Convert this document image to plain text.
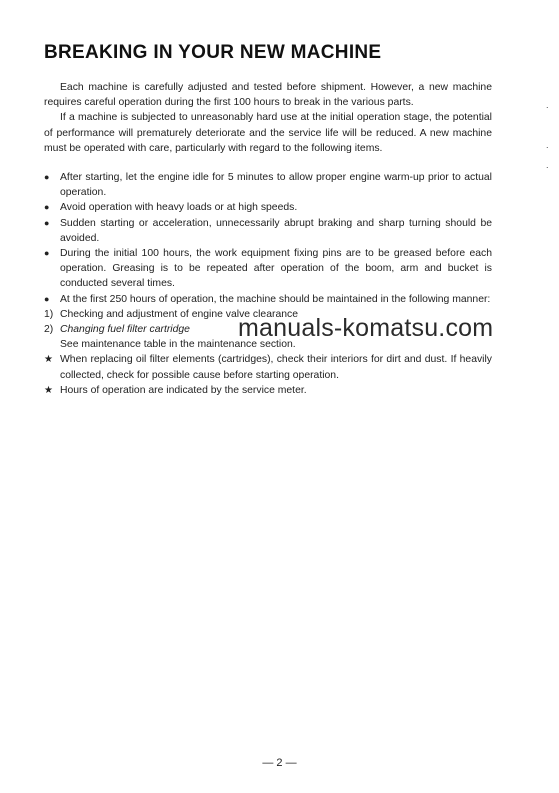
BREAKING IN YOUR NEW MACHINE

Each machine is carefully adjusted and tested before shipment. However, a new machine requires careful operation during the first 100 hours to break in the various parts.

If a machine is subjected to unreasonably hard use at the initial operation stage, the potential of performance will prematurely deteriorate and the service life will be reduced. A new machine must be operated with care, particularly with regard to the following items.

● After starting, let the engine idle for 5 minutes to allow proper engine warm-up prior to actual operation.

● Avoid operation with heavy loads or at high speeds.

● Sudden starting or acceleration, unnecessarily abrupt braking and sharp turning should be avoided.

● During the initial 100 hours, the work equipment fixing pins are to be greased before each operation. Greasing is to be repeated after operation of the boom, arm and bucket is conducted several times.

● At the first 250 hours of operation, the machine should be maintained in the following manner:

1) Checking and adjustment of engine valve clearance

2) Changing fuel filter cartridge

See maintenance table in the maintenance section.

★ When replacing oil filter elements (cartridges), check their interiors for dirt and dust. If heavily collected, check for possible cause before starting operation.

★ Hours of operation are indicated by the service meter.

manuals-komatsu.com
.
.
.
— 2 —
